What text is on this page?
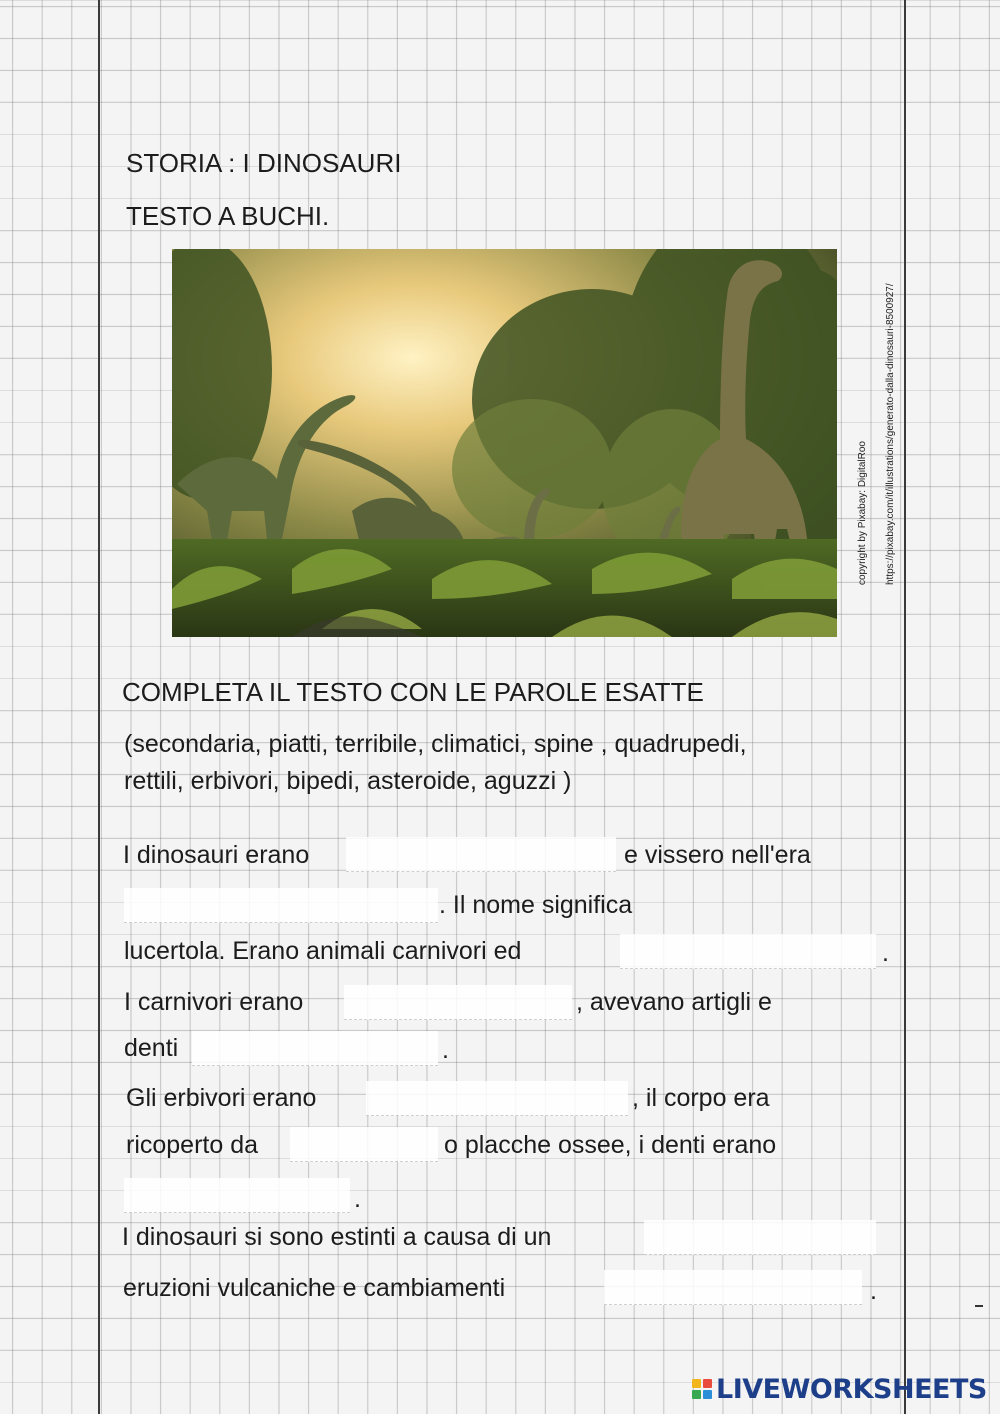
STORIA : I DINOSAURI
TESTO A BUCHI.
copyright by Pixabay: DigitalRoo https://pixabay.com/it/illustrations/generato-dalla-dinosauri-8500927/
COMPLETA IL TESTO CON LE PAROLE ESATTE
(secondaria, piatti, terribile, climatici, spine , quadrupedi,
rettili, erbivori, bipedi, asteroide, aguzzi )
I dinosauri erano	e vissero nell'era
. Il nome significa
lucertola. Erano animali carnivori ed	.
I carnivori erano	, avevano artigli e
denti	.
Gli erbivori erano	, il corpo era
ricoperto da	o placche ossee, i denti erano
.
I dinosauri si sono estinti a causa di un
eruzioni vulcaniche e cambiamenti	.
LIVEWORKSHEETS
